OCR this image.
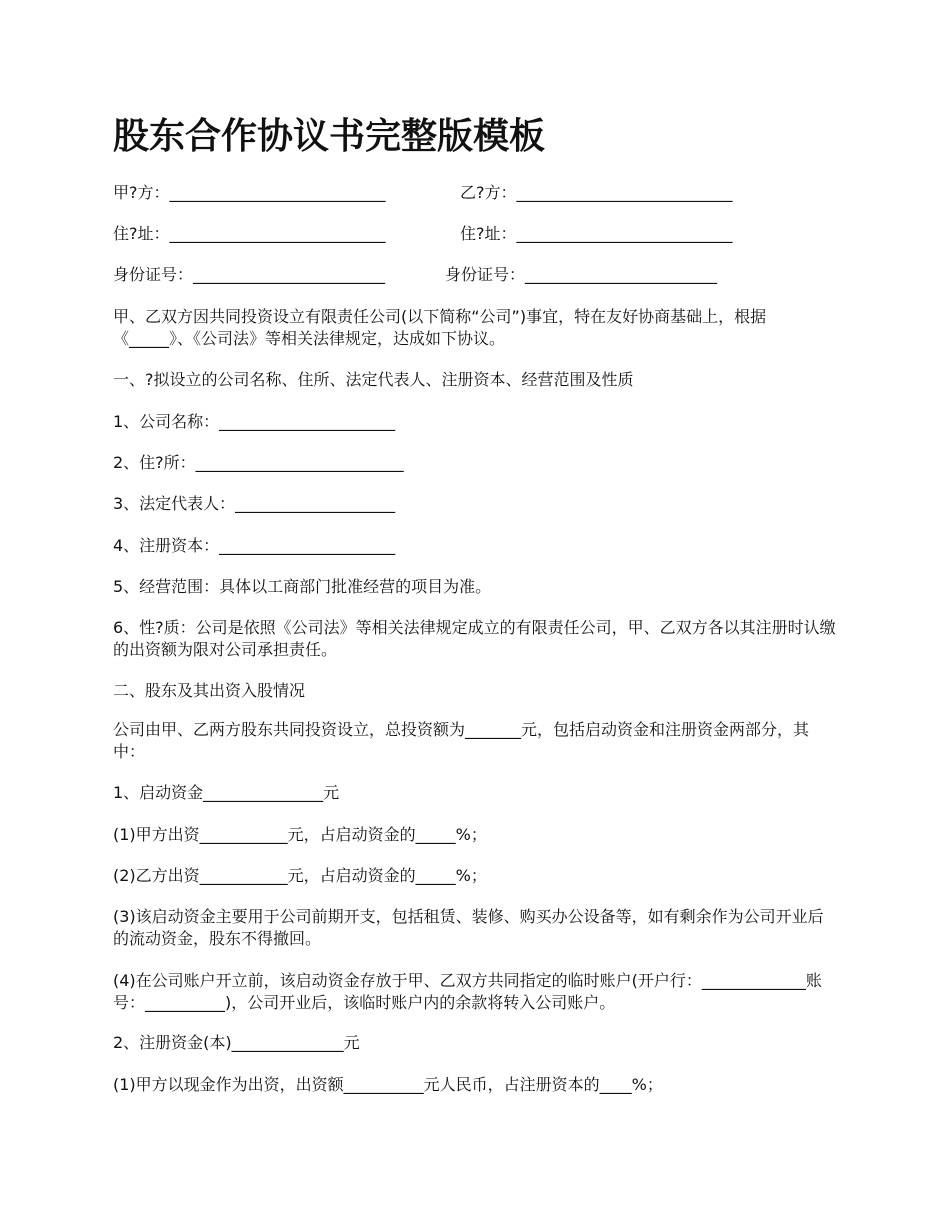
股东合作协议书完整版模板

甲?方：___________________________	乙?方：___________________________

住?址：___________________________	住?址：___________________________

身份证号：________________________	身份证号：________________________

甲、乙双方因共同投资设立有限责任公司(以下简称“公司”)事宜，特在友好协商基础上，根据《_____》、《公司法》等相关法律规定，达成如下协议。

一、?拟设立的公司名称、住所、法定代表人、注册资本、经营范围及性质

1、公司名称：______________________

2、住?所：__________________________

3、法定代表人：____________________

4、注册资本：______________________

5、经营范围：具体以工商部门批准经营的项目为准。

6、性?质：公司是依照《公司法》等相关法律规定成立的有限责任公司，甲、乙双方各以其注册时认缴的出资额为限对公司承担责任。

二、股东及其出资入股情况

公司由甲、乙两方股东共同投资设立，总投资额为_______元，包括启动资金和注册资金两部分，其中：

1、启动资金_______________元

(1)甲方出资___________元，占启动资金的_____%；

(2)乙方出资___________元，占启动资金的_____%；

(3)该启动资金主要用于公司前期开支，包括租赁、装修、购买办公设备等，如有剩余作为公司开业后的流动资金，股东不得撤回。

(4)在公司账户开立前，该启动资金存放于甲、乙双方共同指定的临时账户(开户行：_____________账号：__________)，公司开业后，该临时账户内的余款将转入公司账户。

2、注册资金(本)______________元

(1)甲方以现金作为出资，出资额__________元人民币，占注册资本的____%；
